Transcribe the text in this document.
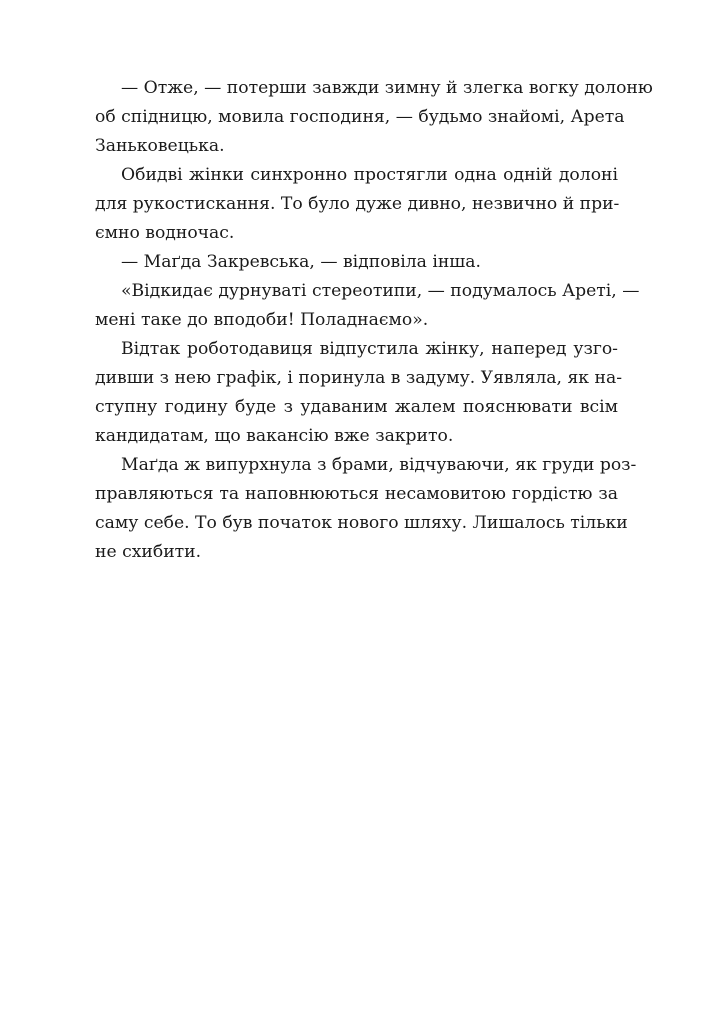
— Отже, — потерши завжди зимну й злегка вогку долоню
об спідницю, мовила господиня, — будьмо знайомі, Арета
Заньковецька.

Обидві жінки синхронно простягли одна одній долоні
для рукостискання. То було дуже дивно, незвично й при-
ємно водночас.

— Маґда Закревська, — відповіла інша.

«Відкидає дурнуваті стереотипи, — подумалось Ареті, —
мені таке до вподоби! Поладнаємо».

Відтак роботодавиця відпустила жінку, наперед узго-
дивши з нею графік, і поринула в задуму. Уявляла, як на-
ступну годину буде з удаваним жалем пояснювати всім
кандидатам, що вакансію вже закрито.

Маґда ж випурхнула з брами, відчуваючи, як груди роз-
правляються та наповнюються несамовитою гордістю за
саму себе. То був початок нового шляху. Лишалось тільки
не схибити.
